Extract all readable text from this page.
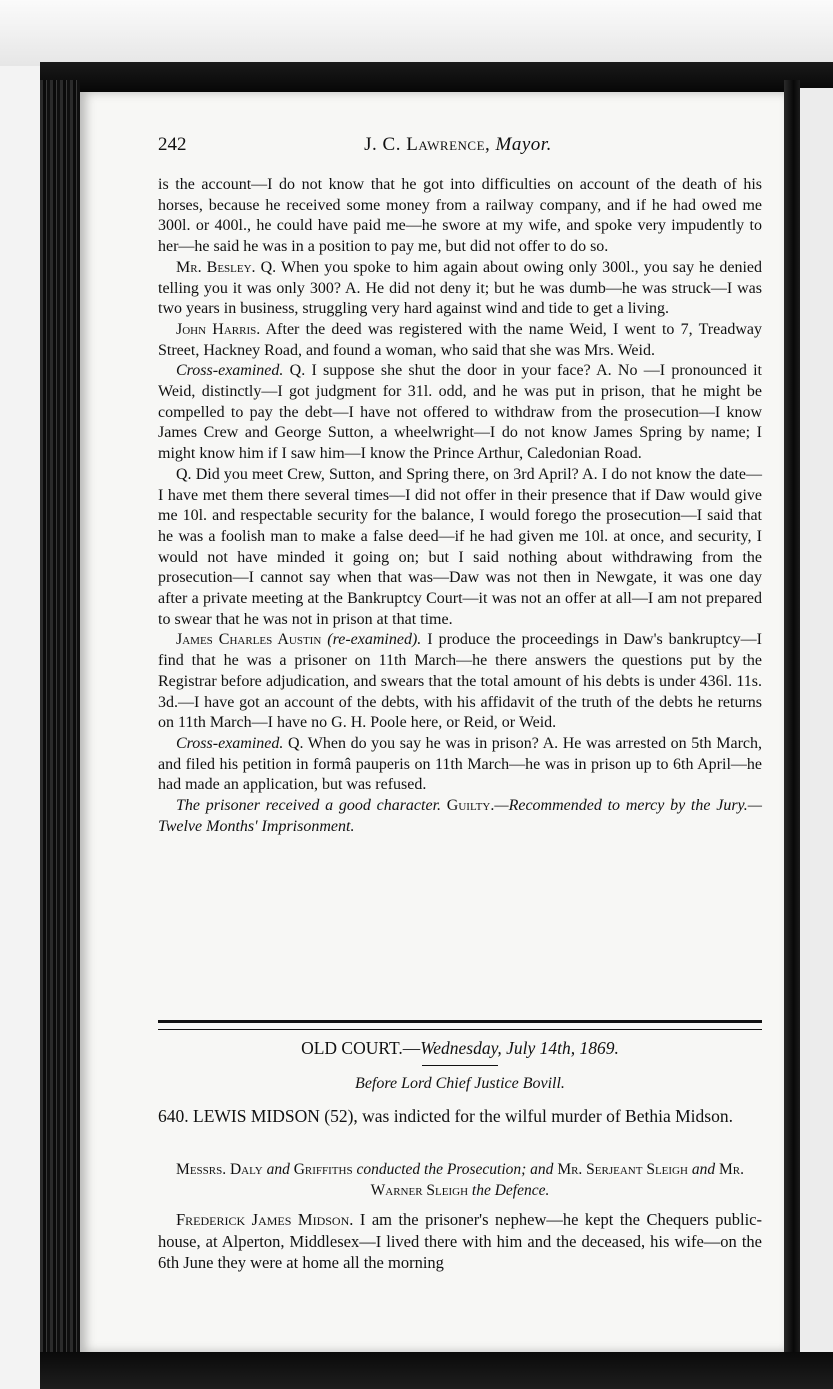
242	J. C. Lawrence, Mayor.

is the account—I do not know that he got into difficulties on account of the death of his horses, because he received some money from a railway company, and if he had owed me 300l. or 400l., he could have paid me—he swore at my wife, and spoke very impudently to her—he said he was in a position to pay me, but did not offer to do so.

Mr. Besley. Q. When you spoke to him again about owing only 300l., you say he denied telling you it was only 300? A. He did not deny it; but he was dumb—he was struck—I was two years in business, struggling very hard against wind and tide to get a living.

John Harris. After the deed was registered with the name Weid, I went to 7, Treadway Street, Hackney Road, and found a woman, who said that she was Mrs. Weid.

Cross-examined. Q. I suppose she shut the door in your face? A. No —I pronounced it Weid, distinctly—I got judgment for 31l. odd, and he was put in prison, that he might be compelled to pay the debt—I have not offered to withdraw from the prosecution—I know James Crew and George Sutton, a wheelwright—I do not know James Spring by name; I might know him if I saw him—I know the Prince Arthur, Caledonian Road.

Q. Did you meet Crew, Sutton, and Spring there, on 3rd April? A. I do not know the date—I have met them there several times—I did not offer in their presence that if Daw would give me 10l. and respectable security for the balance, I would forego the prosecution—I said that he was a foolish man to make a false deed—if he had given me 10l. at once, and security, I would not have minded it going on; but I said nothing about withdrawing from the prosecution—I cannot say when that was—Daw was not then in Newgate, it was one day after a private meeting at the Bankruptcy Court—it was not an offer at all—I am not prepared to swear that he was not in prison at that time.

James Charles Austin (re-examined). I produce the proceedings in Daw's bankruptcy—I find that he was a prisoner on 11th March—he there answers the questions put by the Registrar before adjudication, and swears that the total amount of his debts is under 436l. 11s. 3d.—I have got an account of the debts, with his affidavit of the truth of the debts he returns on 11th March—I have no G. H. Poole here, or Reid, or Weid.

Cross-examined. Q. When do you say he was in prison? A. He was arrested on 5th March, and filed his petition in formâ pauperis on 11th March—he was in prison up to 6th April—he had made an application, but was refused.

The prisoner received a good character. Guilty.—Recommended to mercy by the Jury.—Twelve Months' Imprisonment.

OLD COURT.—Wednesday, July 14th, 1869.
Before Lord Chief Justice Bovill.

640. LEWIS MIDSON (52), was indicted for the wilful murder of Bethia Midson.

Messrs. Daly and Griffiths conducted the Prosecution; and Mr. Serjeant Sleigh and Mr. Warner Sleigh the Defence.

Frederick James Midson. I am the prisoner's nephew—he kept the Chequers public-house, at Alperton, Middlesex—I lived there with him and the deceased, his wife—on the 6th June they were at home all the morning
